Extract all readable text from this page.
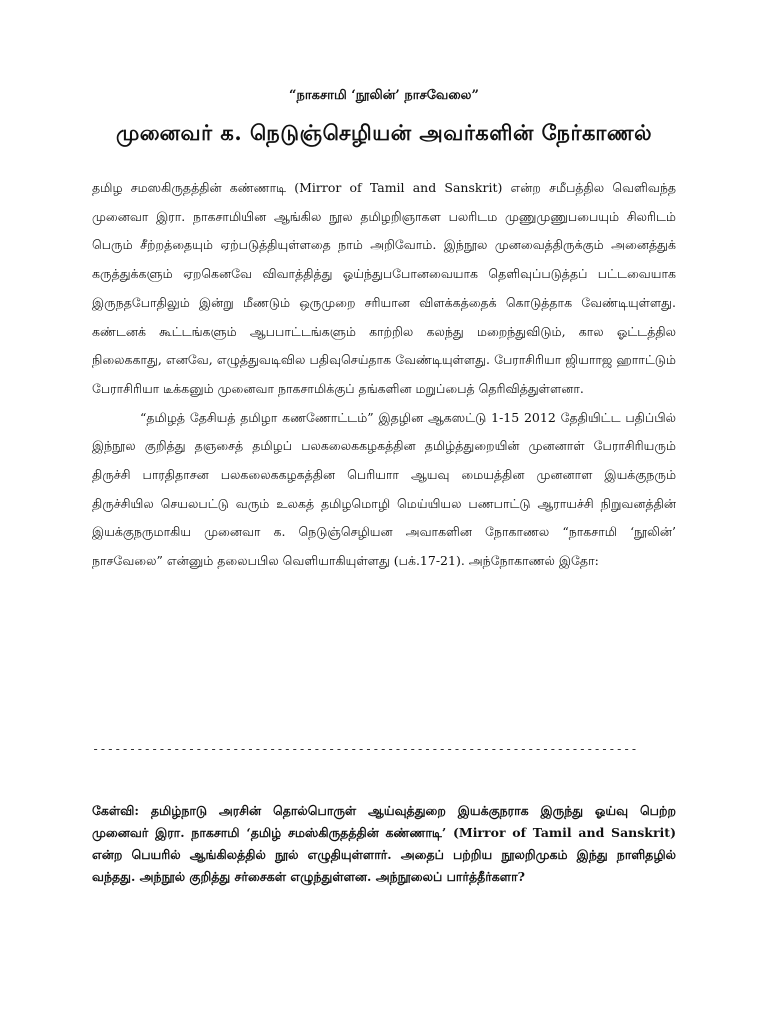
“நாகசாமி ‘நூலின்’ நாசவேலை”
முனைவர் க. நெடுஞ்செழியன் அவர்களின் நேர்காணல்

தமிழ சமஸகிருதத்தின் கண்ணாடி (Mirror of Tamil and Sanskrit) என்ற சமீபத்தில வெளிவந்த முனைவா இரா. நாகசாமியின ஆங்கில நூல தமிழறிஞாகள பலரிடம முணுமுணுபபையும் சிலரிடம் பெரும் சீற்றத்தையும் ஏற்படுத்தியுள்ளதை நாம் அறிவோம். இந்நூல முனவைத்திருக்கும் அனைத்துக் கருத்துக்களும் ஏறகெனவே விவாத்தித்து ஓய்ந்துபபோனவையாக தெளிவுப்படுத்தப் பட்டவையாக இருநதபோதிலும் இன்று மீணடும் ஒருமுறை சரியான விளக்கத்தைக் கொடுத்தாக வேண்டியுள்ளது. கண்டனக் கூட்டங்களும் ஆபபாட்டங்களும் காற்றில கலந்து மறைந்துவிடும், கால ஓட்டத்தில நிலைககாது, எனவே, எழுத்துவடிவில பதிவுசெய்தாக வேண்டியுள்ளது. பேராசிரியா ஜியாாஜ ஹாாட்டும் பேராசிரியா டீக்கனும் முனைவா நாகசாமிக்குப் தங்களின மறுப்பைத் தெரிவித்துள்ளனா.

“தமிழத் தேசியத் தமிழா கணணோட்டம்” இதழின ஆகஸட்டு 1-15 2012 தேதியிட்ட பதிப்பில் இந்நூல குறித்து தஞசைத் தமிழப் பலகலைககழகத்தின தமிழ்த்துறையின் முனனாள் பேராசிரியரும் திருச்சி பாரதிதாசன பலகலைககழகத்தின பெரியாா ஆயவு மையத்தின முனனாள இயக்குநரும் திருச்சியில செயலபட்டு வரும் உலகத் தமிழமொழி மெய்யியல பணபாட்டு ஆராயச்சி நிறுவனத்தின் இயக்குநருமாகிய முனைவா க. நெடுஞ்செழியன அவாகளின நோகாணல “நாகசாமி ‘நூலின்’ நாசவேலை” என்னும் தலைபபில வெளியாகியுள்ளது (பக்.17-21). அந்நோகாணல் இதோ:

--------------------------------------------------------------------------
கேள்வி: தமிழ்நாடு அரசின் தொல்பொருள் ஆய்வுத்துறை இயக்குநராக இருந்து ஓய்வு பெற்ற முனைவர் இரா. நாகசாமி ‘தமிழ் சமஸ்கிருதத்தின் கண்ணாடி’ (Mirror of Tamil and Sanskrit) என்ற பெயரில் ஆங்கிலத்தில் நூல் எழுதியுள்ளார். அதைப் பற்றிய நூலறிமுகம் இந்து நாளிதழில் வந்தது. அந்நூல் குறித்து சர்சைகள் எழுந்துள்ளன. அந்நூலைப் பார்த்தீர்களா?
